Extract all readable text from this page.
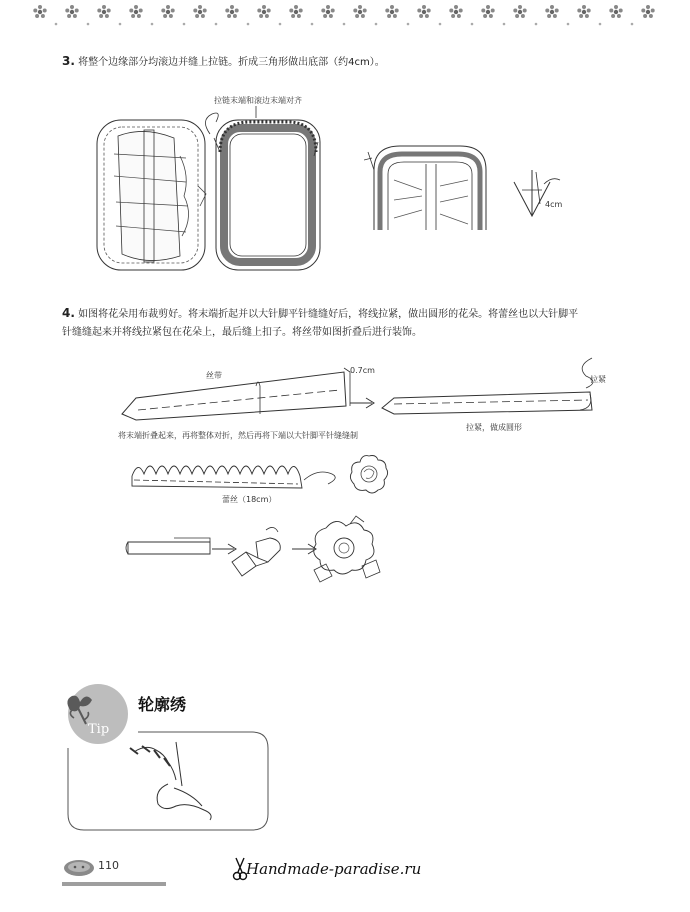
3. 将整个边缘部分均滚边并缝上拉链。折成三角形做出底部（约4cm）。
拉链末端和滚边末端对齐
4cm
4. 如图将花朵用布裁剪好。将末端折起并以大针脚平针缝缝好后，将线拉紧，做出圆形的花朵。将蕾丝也以大针脚平
针缝缝起来并将线拉紧包在花朵上，最后缝上扣子。将丝带如图折叠后进行装饰。
丝带
0.7cm
拉紧
将末端折叠起来，再将整体对折，然后再将下端以大针脚平针缝缝制
拉紧，做成圆形
蕾丝（18cm）
Tip
轮廓绣
110	Handmade-paradise.ru
